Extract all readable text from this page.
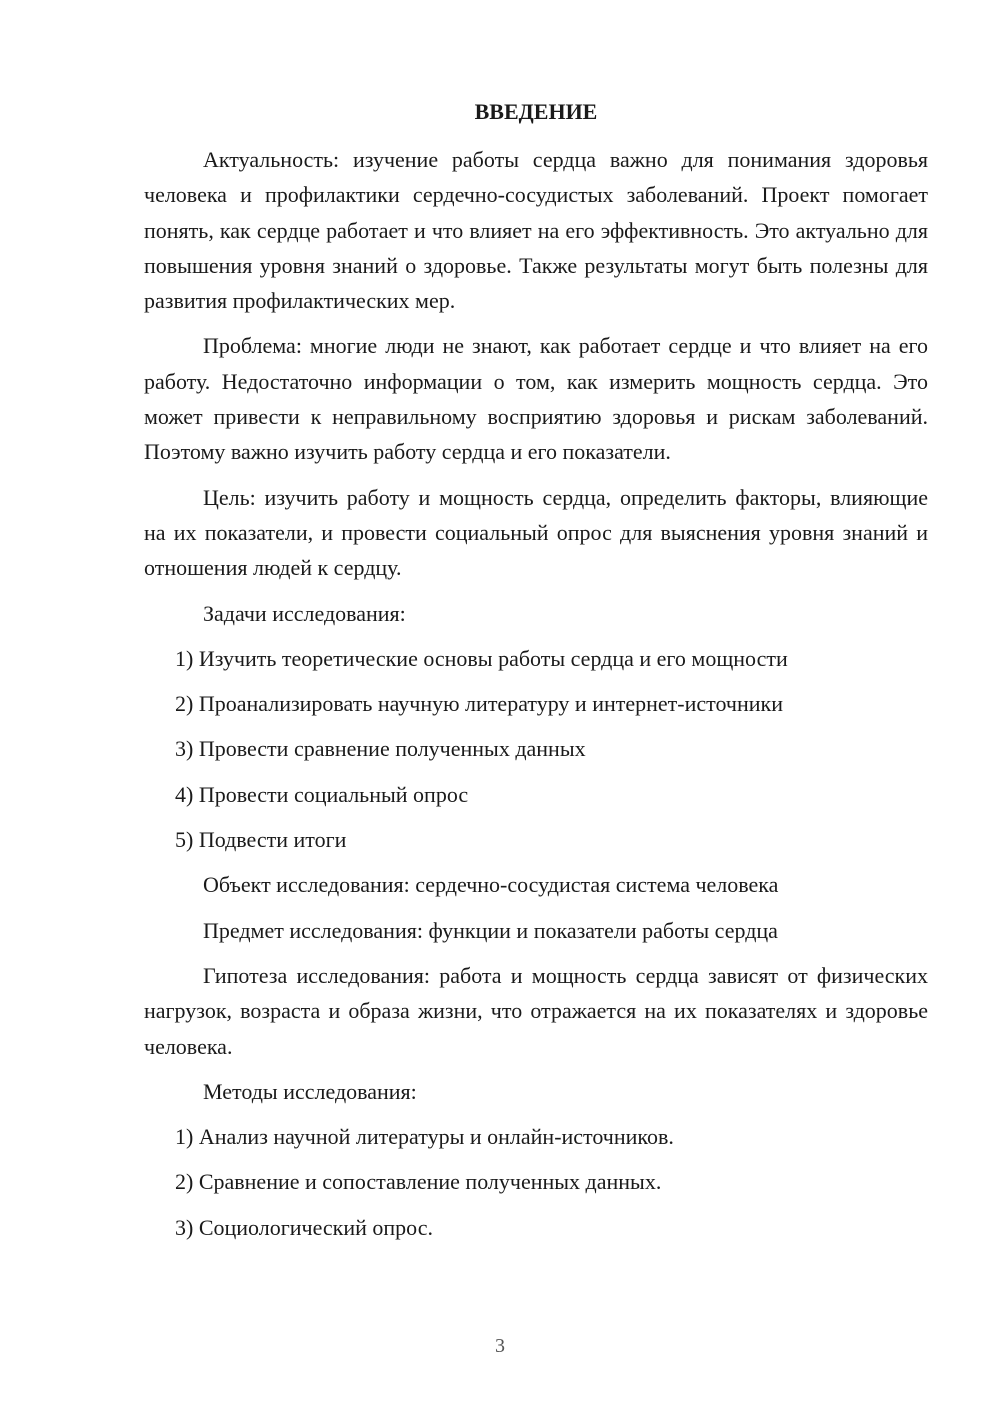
ВВЕДЕНИЕ

Актуальность: изучение работы сердца важно для понимания здоровья человека и профилактики сердечно-сосудистых заболеваний. Проект помогает понять, как сердце работает и что влияет на его эффективность. Это актуально для повышения уровня знаний о здоровье. Также результаты могут быть полезны для развития профилактических мер.

Проблема: многие люди не знают, как работает сердце и что влияет на его работу. Недостаточно информации о том, как измерить мощность сердца. Это может привести к неправильному восприятию здоровья и рискам заболеваний. Поэтому важно изучить работу сердца и его показатели.

Цель: изучить работу и мощность сердца, определить факторы, влияющие на их показатели, и провести социальный опрос для выяснения уровня знаний и отношения людей к сердцу.

Задачи исследования:
1) Изучить теоретические основы работы сердца и его мощности
2) Проанализировать научную литературу и интернет-источники
3) Провести сравнение полученных данных
4) Провести социальный опрос
5) Подвести итоги
Объект исследования: сердечно-сосудистая система человека
Предмет исследования: функции и показатели работы сердца

Гипотеза исследования: работа и мощность сердца зависят от физических нагрузок, возраста и образа жизни, что отражается на их показателях и здоровье человека.

Методы исследования:
1) Анализ научной литературы и онлайн-источников.
2) Сравнение и сопоставление полученных данных.
3) Социологический опрос.
3
